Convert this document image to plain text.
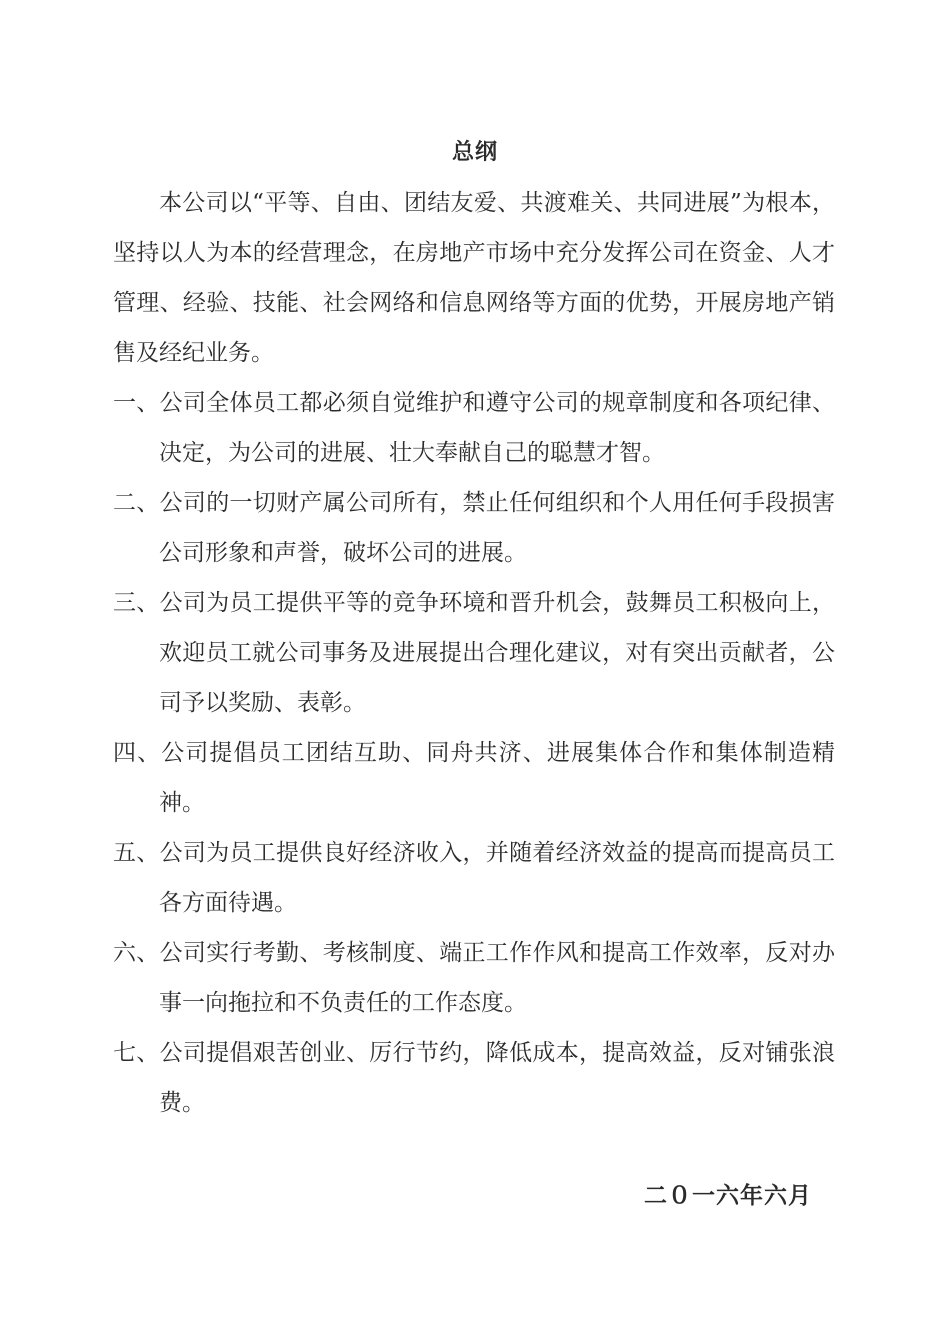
总纲

本公司以“平等、自由、团结友爱、共渡难关、共同进展”为根本，坚持以人为本的经营理念，在房地产市场中充分发挥公司在资金、人才管理、经验、技能、社会网络和信息网络等方面的优势，开展房地产销售及经纪业务。

一、公司全体员工都必须自觉维护和遵守公司的规章制度和各项纪律、决定，为公司的进展、壮大奉献自己的聪慧才智。
二、公司的一切财产属公司所有，禁止任何组织和个人用任何手段损害公司形象和声誉，破坏公司的进展。
三、公司为员工提供平等的竞争环境和晋升机会，鼓舞员工积极向上，欢迎员工就公司事务及进展提出合理化建议，对有突出贡献者，公司予以奖励、表彰。
四、公司提倡员工团结互助、同舟共济、进展集体合作和集体制造精神。
五、公司为员工提供良好经济收入，并随着经济效益的提高而提高员工各方面待遇。
六、公司实行考勤、考核制度、端正工作作风和提高工作效率，反对办事一向拖拉和不负责任的工作态度。
七、公司提倡艰苦创业、厉行节约，降低成本，提高效益，反对铺张浪费。
二０一六年六月
